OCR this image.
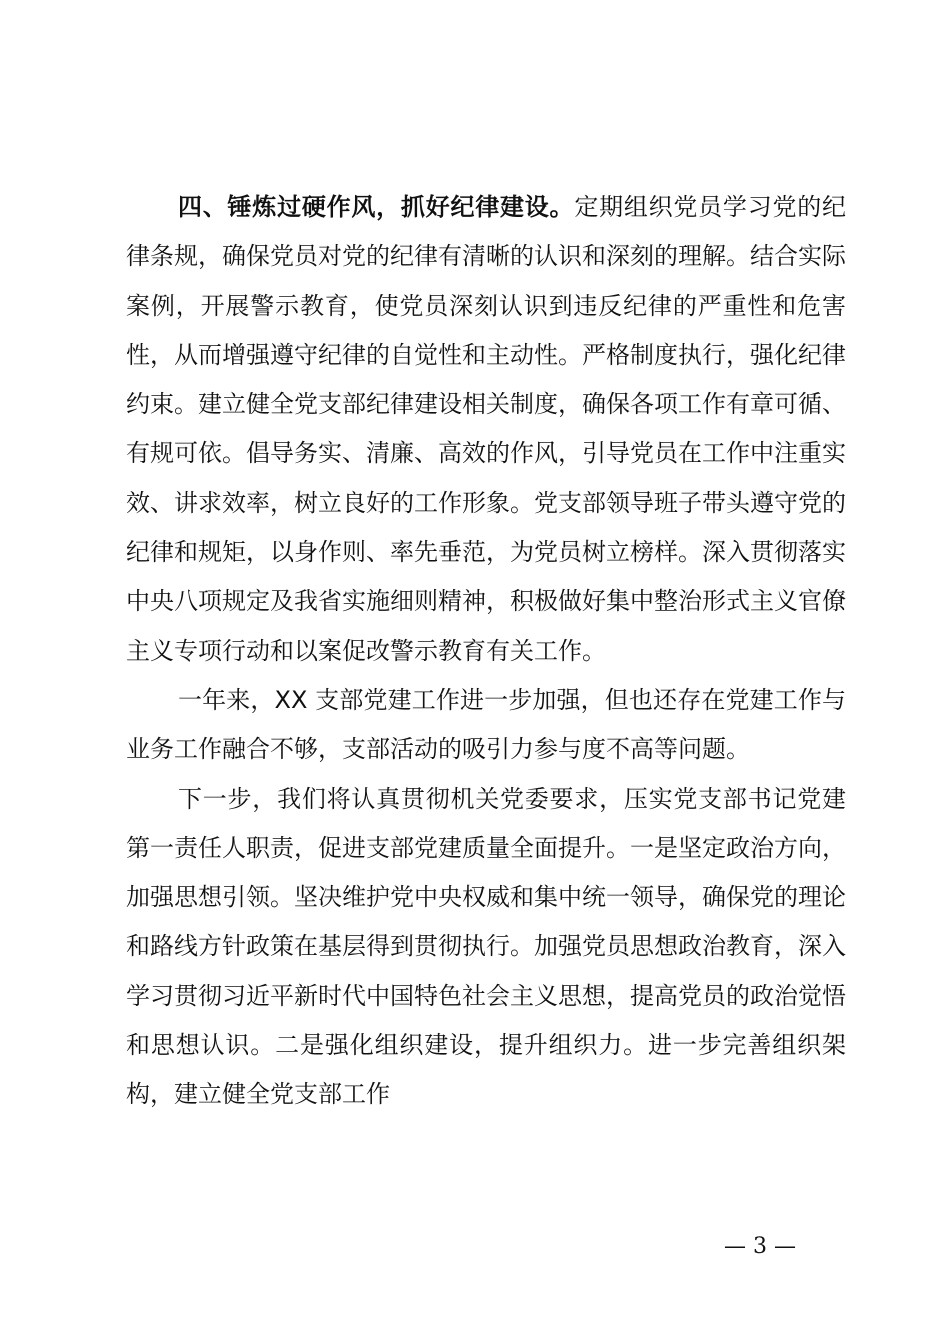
四、锤炼过硬作风，抓好纪律建设。定期组织党员学习党的纪律条规，确保党员对党的纪律有清晰的认识和深刻的理解。结合实际案例，开展警示教育，使党员深刻认识到违反纪律的严重性和危害性，从而增强遵守纪律的自觉性和主动性。严格制度执行，强化纪律约束。建立健全党支部纪律建设相关制度，确保各项工作有章可循、有规可依。倡导务实、清廉、高效的作风，引导党员在工作中注重实效、讲求效率，树立良好的工作形象。党支部领导班子带头遵守党的纪律和规矩，以身作则、率先垂范，为党员树立榜样。深入贯彻落实中央八项规定及我省实施细则精神，积极做好集中整治形式主义官僚主义专项行动和以案促改警示教育有关工作。

一年来，XX 支部党建工作进一步加强，但也还存在党建工作与业务工作融合不够，支部活动的吸引力参与度不高等问题。

下一步，我们将认真贯彻机关党委要求，压实党支部书记党建第一责任人职责，促进支部党建质量全面提升。一是坚定政治方向，加强思想引领。坚决维护党中央权威和集中统一领导，确保党的理论和路线方针政策在基层得到贯彻执行。加强党员思想政治教育，深入学习贯彻习近平新时代中国特色社会主义思想，提高党员的政治觉悟和思想认识。二是强化组织建设，提升组织力。进一步完善组织架构，建立健全党支部工作

— 3 —
